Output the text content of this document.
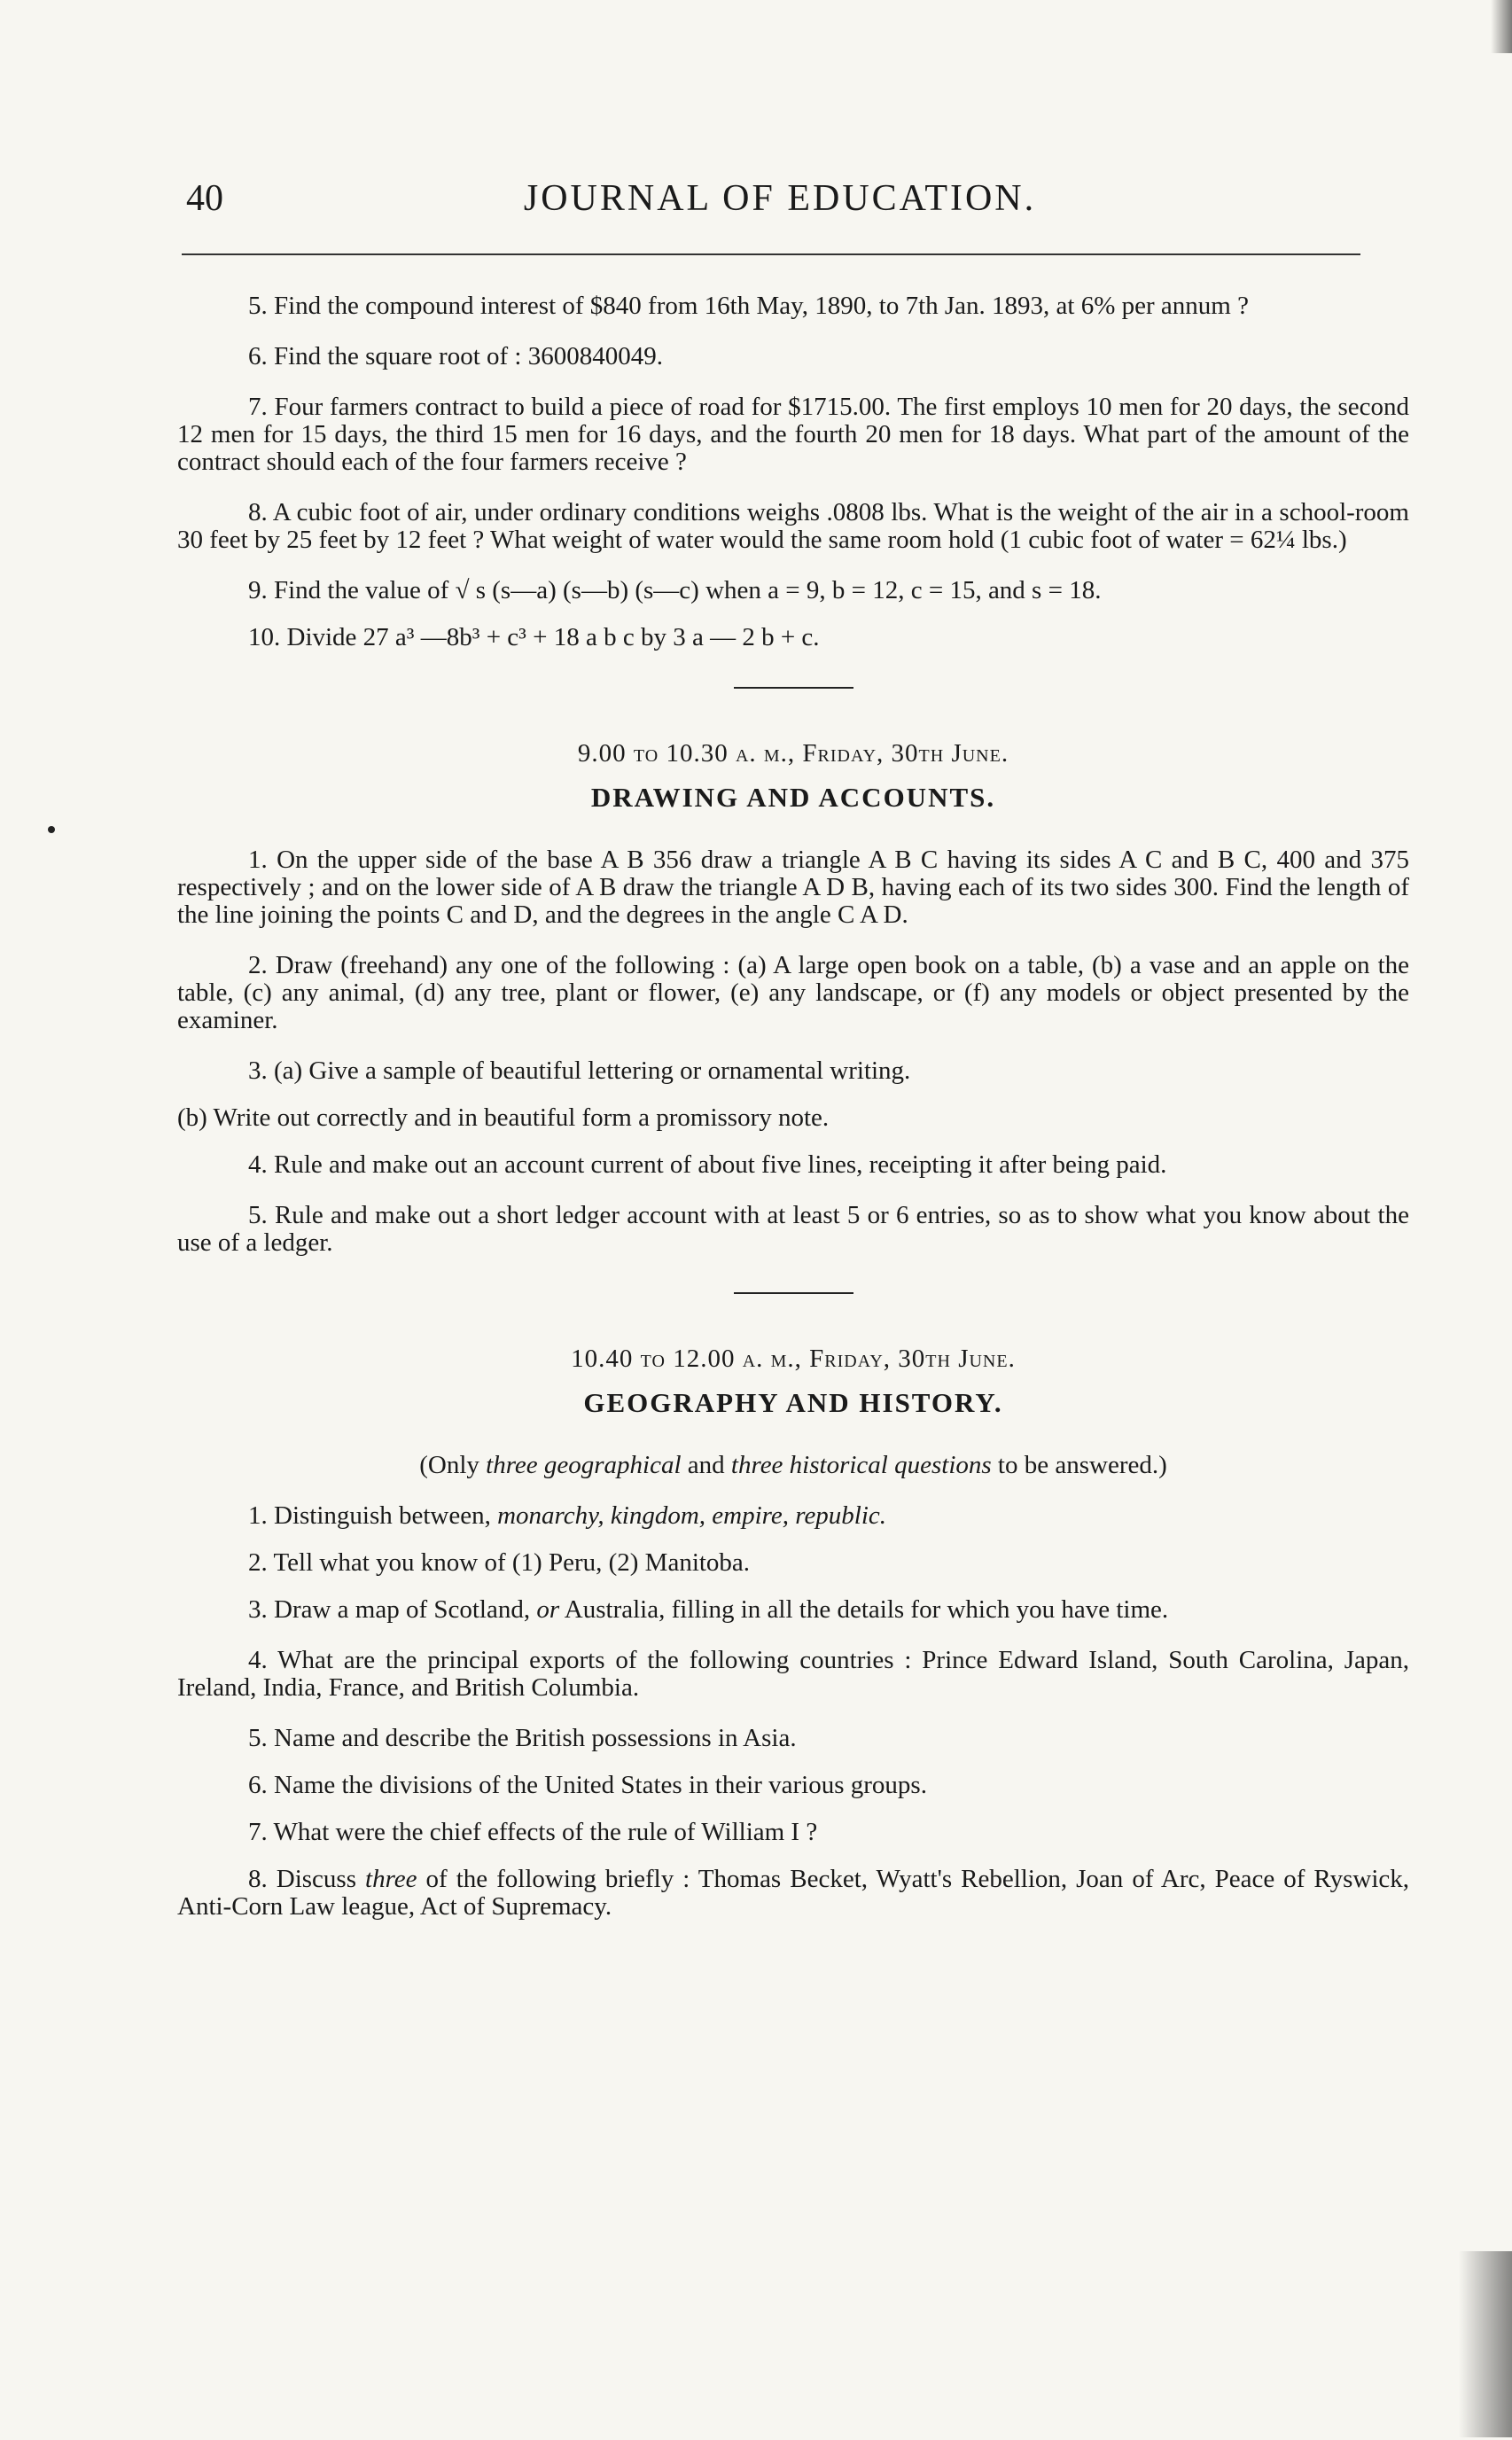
40	JOURNAL OF EDUCATION.

5. Find the compound interest of $840 from 16th May, 1890, to 7th Jan. 1893, at 6% per annum ?

6. Find the square root of : 3600840049.

7. Four farmers contract to build a piece of road for $1715.00. The first employs 10 men for 20 days, the second 12 men for 15 days, the third 15 men for 16 days, and the fourth 20 men for 18 days. What part of the amount of the contract should each of the four farmers receive ?

8. A cubic foot of air, under ordinary conditions weighs .0808 lbs. What is the weight of the air in a school-room 30 feet by 25 feet by 12 feet ? What weight of water would the same room hold (1 cubic foot of water = 62¼ lbs.)

9. Find the value of √ s (s—a) (s—b) (s—c) when a = 9, b = 12, c = 15, and s = 18.

10. Divide 27 a³ —8b³ + c³ + 18 a b c by 3 a — 2 b + c.

9.00 to 10.30 a. m., Friday, 30th June.

DRAWING AND ACCOUNTS.

1. On the upper side of the base A B 356 draw a triangle A B C having its sides A C and B C, 400 and 375 respectively ; and on the lower side of A B draw the triangle A D B, having each of its two sides 300. Find the length of the line joining the points C and D, and the degrees in the angle C A D.

2. Draw (freehand) any one of the following : (a) A large open book on a table, (b) a vase and an apple on the table, (c) any animal, (d) any tree, plant or flower, (e) any landscape, or (f) any models or object presented by the examiner.

3. (a) Give a sample of beautiful lettering or ornamental writing.

(b) Write out correctly and in beautiful form a promissory note.

4. Rule and make out an account current of about five lines, receipting it after being paid.

5. Rule and make out a short ledger account with at least 5 or 6 entries, so as to show what you know about the use of a ledger.

10.40 to 12.00 a. m., Friday, 30th June.

GEOGRAPHY AND HISTORY.

(Only three geographical and three historical questions to be answered.)

1. Distinguish between, monarchy, kingdom, empire, republic.

2. Tell what you know of (1) Peru, (2) Manitoba.

3. Draw a map of Scotland, or Australia, filling in all the details for which you have time.

4. What are the principal exports of the following countries : Prince Edward Island, South Carolina, Japan, Ireland, India, France, and British Columbia.

5. Name and describe the British possessions in Asia.

6. Name the divisions of the United States in their various groups.

7. What were the chief effects of the rule of William I ?

8. Discuss three of the following briefly : Thomas Becket, Wyatt's Rebellion, Joan of Arc, Peace of Ryswick, Anti-Corn Law league, Act of Supremacy.
